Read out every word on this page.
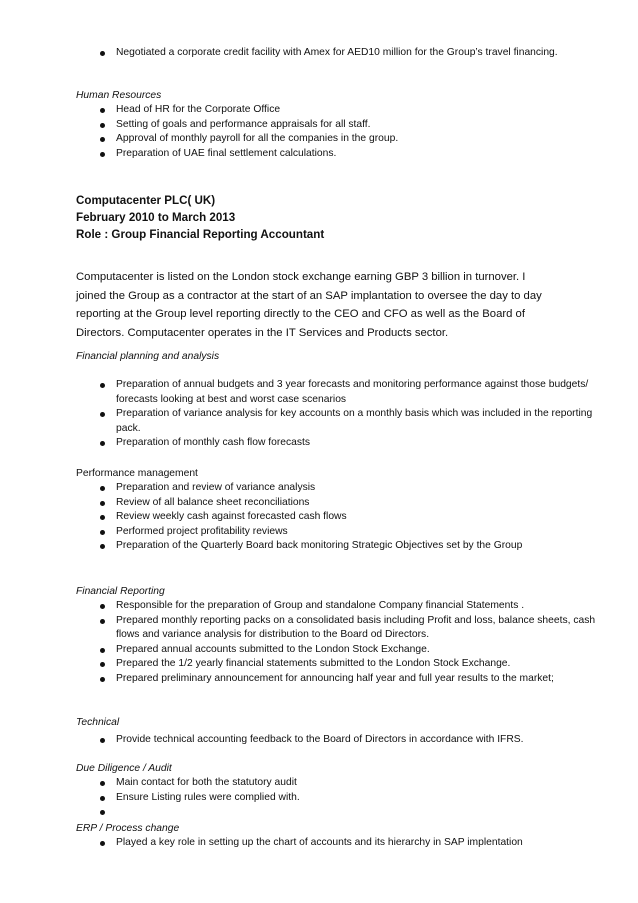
Negotiated a corporate credit facility with Amex for AED10 million for the Group’s travel financing.
Human Resources
Head of HR for the Corporate Office
Setting of goals and performance appraisals for all staff.
Approval of monthly payroll for all the companies in the group.
Preparation of UAE final settlement calculations.
Computacenter PLC( UK)
February 2010 to March 2013
Role : Group Financial Reporting Accountant
Computacenter is listed on the London stock exchange earning GBP 3 billion in turnover. I joined the Group as a contractor at the start of an SAP implantation to oversee the day to day reporting at the Group level reporting directly to the CEO and CFO as well as the Board of Directors. Computacenter operates in the IT Services and Products sector.
Financial planning and analysis
Preparation of annual budgets and 3 year forecasts and monitoring performance against those budgets/ forecasts looking at best and worst case scenarios
Preparation of variance analysis for key accounts on a monthly basis which was included in the reporting pack.
Preparation of monthly cash flow forecasts
Performance management
Preparation and review of variance analysis
Review of all balance sheet reconciliations
Review weekly cash against forecasted cash flows
Performed project profitability reviews
Preparation of the Quarterly Board back monitoring Strategic Objectives set by the Group
Financial Reporting
Responsible for the preparation of Group and standalone Company financial Statements .
Prepared monthly reporting packs on a consolidated basis including Profit and loss, balance sheets, cash flows and variance analysis for distribution to the Board od Directors.
Prepared annual accounts submitted to the London Stock Exchange.
Prepared the 1/2 yearly financial statements submitted to the London Stock Exchange.
Prepared preliminary announcement for announcing half year and full year results to the market;
Technical
Provide technical accounting feedback to the Board of Directors in accordance with IFRS.
Due Diligence / Audit
Main contact for both the statutory audit
Ensure Listing rules were complied with.
ERP / Process change
Played a key role in setting up the chart of accounts and its hierarchy in SAP implentation
